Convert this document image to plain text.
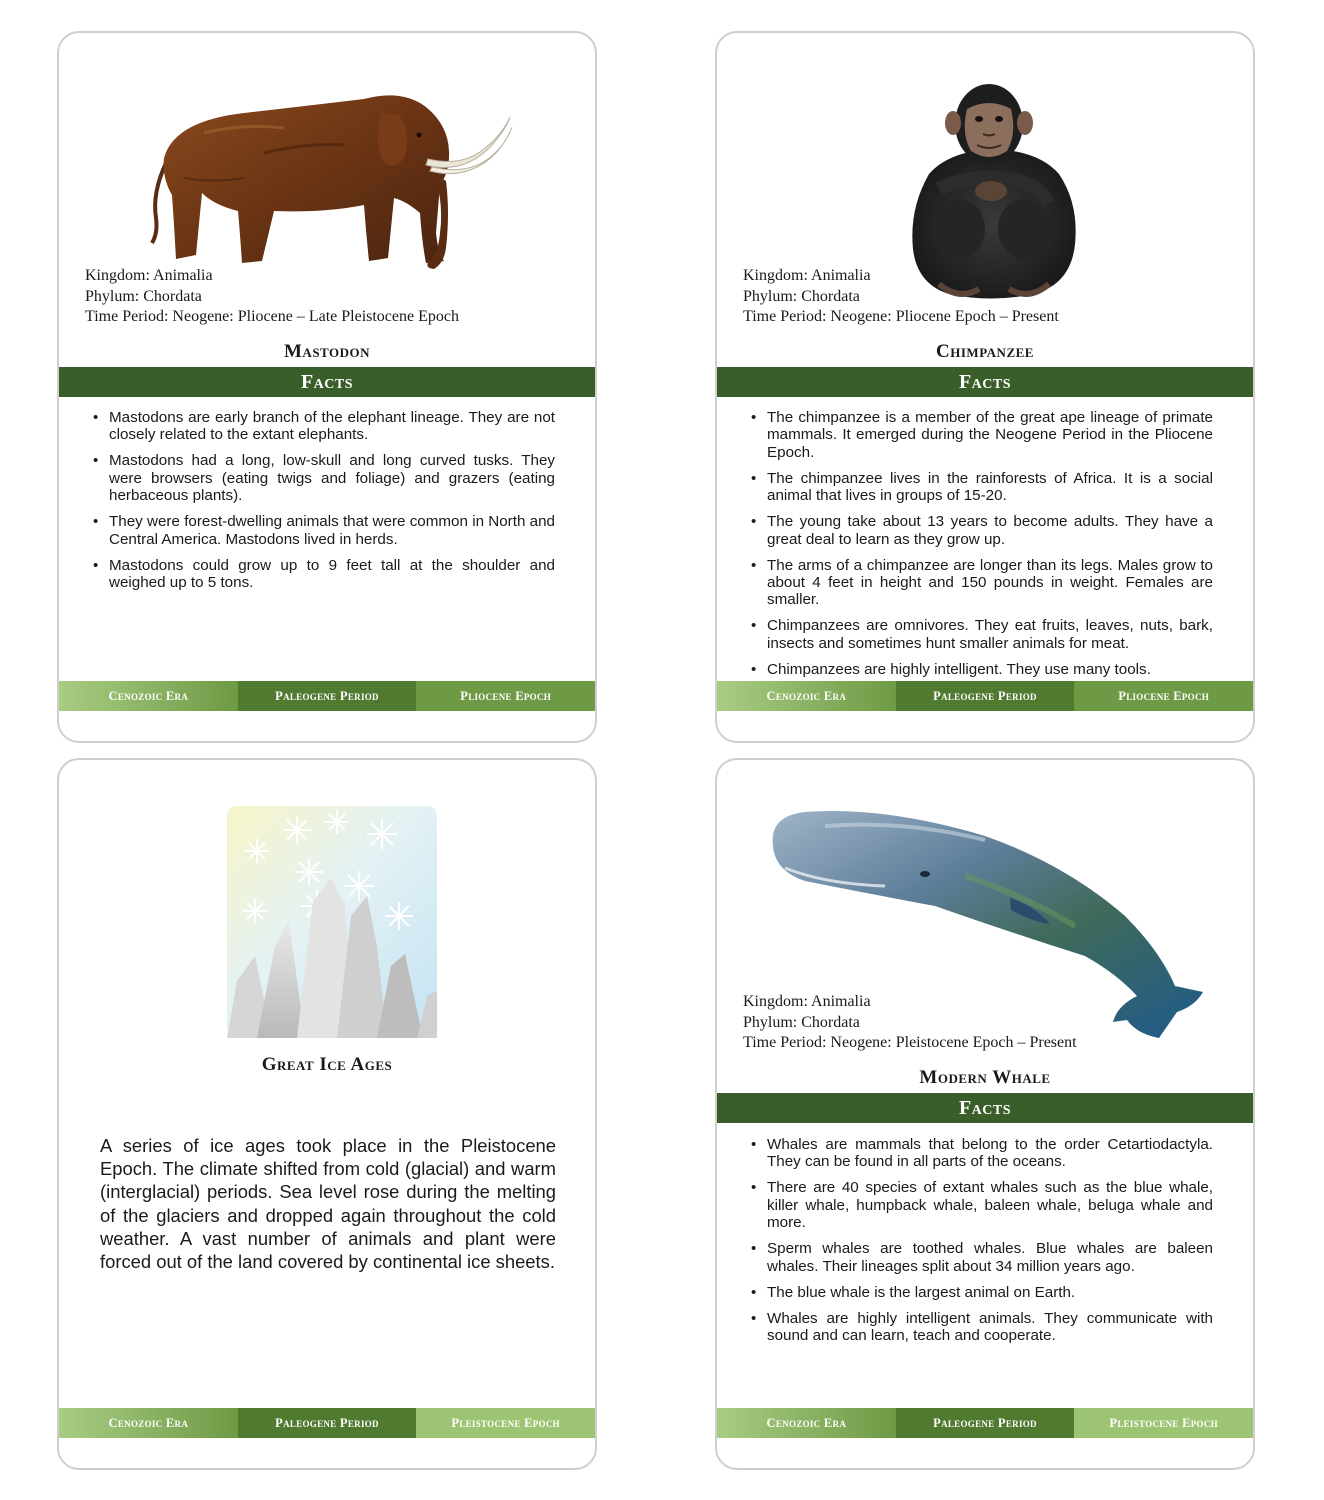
Kingdom: Animalia
Phylum: Chordata
Time Period: Neogene: Pliocene – Late Pleistocene Epoch
Mastodon
Facts
• Mastodons are early branch of the elephant lineage. They are not closely related to the extant elephants.
• Mastodons had a long, low-skull and long curved tusks. They were browsers (eating twigs and foliage) and grazers (eating herbaceous plants).
• They were forest-dwelling animals that were common in North and Central America. Mastodons lived in herds.
• Mastodons could grow up to 9 feet tall at the shoulder and weighed up to 5 tons.
Cenozoic Era	Paleogene Period	Pliocene Epoch
Kingdom: Animalia
Phylum: Chordata
Time Period: Neogene: Pliocene Epoch – Present
Chimpanzee
Facts
• The chimpanzee is a member of the great ape lineage of primate mammals. It emerged during the Neogene Period in the Pliocene Epoch.
• The chimpanzee lives in the rainforests of Africa. It is a social animal that lives in groups of 15-20.
• The young take about 13 years to become adults. They have a great deal to learn as they grow up.
• The arms of a chimpanzee are longer than its legs. Males grow to about 4 feet in height and 150 pounds in weight. Females are smaller.
• Chimpanzees are omnivores. They eat fruits, leaves, nuts, bark, insects and sometimes hunt smaller animals for meat.
• Chimpanzees are highly intelligent. They use many tools.
Cenozoic Era	Paleogene Period	Pliocene Epoch
Great Ice Ages
A series of ice ages took place in the Pleistocene Epoch. The climate shifted from cold (glacial) and warm (interglacial) periods. Sea level rose during the melting of the glaciers and dropped again throughout the cold weather. A vast number of animals and plant were forced out of the land covered by continental ice sheets.
Cenozoic Era	Paleogene Period	Pleistocene Epoch
Kingdom: Animalia
Phylum: Chordata
Time Period: Neogene: Pleistocene Epoch – Present
Modern Whale
Facts
• Whales are mammals that belong to the order Cetartiodactyla. They can be found in all parts of the oceans.
• There are 40 species of extant whales such as the blue whale, killer whale, humpback whale, baleen whale, beluga whale and more.
• Sperm whales are toothed whales. Blue whales are baleen whales. Their lineages split about 34 million years ago.
• The blue whale is the largest animal on Earth.
• Whales are highly intelligent animals. They communicate with sound and can learn, teach and cooperate.
Cenozoic Era	Paleogene Period	Pleistocene Epoch
